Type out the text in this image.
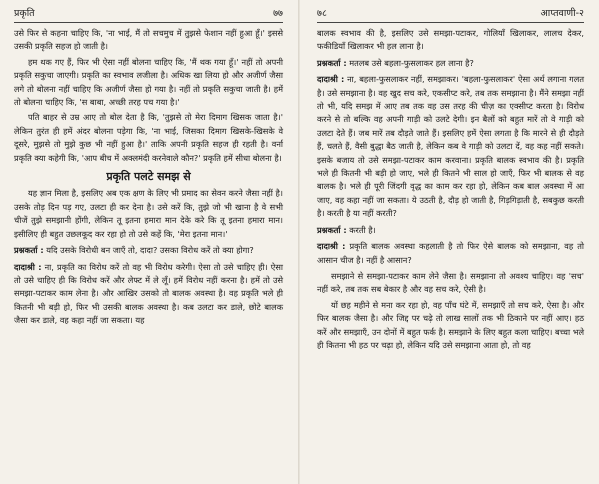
प्रकृति	७७

उसे फिर से कहना चाहिए कि, 'ना भाई, मैं तो सचमुच में तुझसे फेशान नहीं हुआ हूँ।' इससे उसकी प्रकृति सहज हो जाती है।

हम थक गए हैं, फिर भी ऐसा नहीं बोलना चाहिए कि, 'मैं थक गया हूँ।' नहीं तो अपनी प्रकृति सकुचा जाएगी। प्रकृति का स्वभाव लजीला है। अधिक खा लिया हो और अजीर्ण जैसा लगे तो बोलना नहीं चाहिए कि अजीर्ण जैसा हो गया है। नहीं तो प्रकृति सकुचा जाती है। हमें तो बोलना चाहिए कि, 'स बाबा, अच्छी तरह पच गया है।'

पति बाहर से उम्र आए तो बोल देता है कि, 'तुझसे तो मेरा दिमाग खिसक जाता है।' लेकिन तुरंत ही हमें अंदर बोलना पड़ेगा कि, 'ना भाई, जिसका दिमाग खिसके-खिसके वे दूसरे, मुझसे तो मुझे कुछ भी नहीं हुआ है।' ताकि अपनी प्रकृति सहज ही रहती है। वर्ना प्रकृति क्या कहेगी कि, 'आप बीच में अक्लमंदी करनेवाले कौन?' प्रकृति हमें सीधा बोलना है।

प्रकृति पलटे समझ से

यह ज्ञान मिला है, इसलिए अब एक क्षण के लिए भी प्रमाद का सेवन करने जैसा नहीं है। उसके तोड़ दिन पड़ गए, उलटा ही कर देना है। उसे करें कि, तुझे जो भी खाना है वे सभी चीजें तुझे समझानी होंगी, लेकिन तू इतना हमारा मान देके करे कि तू इतना हमारा मान। इसीलिए ही बहुत उछलकूद कर रहा हो तो उसे कहें कि, 'मेरा इतना मान।'

प्रश्नकर्ता : यदि उसके विरोधी बन जाएँ तो, दादा? उसका विरोध करें तो क्या होगा?

दादाश्री : ना, प्रकृति का विरोध करें तो वह भी विरोध करेगी। ऐसा तो उसे चाहिए ही। ऐसा तो उसे चाहिए ही कि विरोध करें और लेफ्ट में ले लूँ। हमें विरोध नहीं करना है। हमें तो उसे समझा-पटाकर काम लेना है। और आखिर उसको तो बालक अवस्था है। वह प्रकृति भले ही कितनी भी बड़ी हो, फिर भी उसकी बालक अवस्था है। कब उलटा कर डाले, छोटे बालक जैसा कर डाले, वह कहा नहीं जा सकता। यह

७८	आप्तवाणी-२

बालक स्वभाव की है, इसलिए उसे समझा-पटाकर, गोलियाँ खिलाकर, लालच देकर, फकीडियाँ खिलाकर भी हल लाना है।

प्रश्नकर्ता : मतलब उसे बहला-फुसलाकर हल लाना है?

दादाश्री : ना, बहला-फुसलाकर नहीं, समझाकर। 'बहला-फुसलाकर' ऐसा अर्थ लगाना गलत है। उसे समझाना है। वह खुद सच करे, एकसीप्ट करे, तब तक समझाना है। मैंने समझा नहीं तो भी, यदि समझ में आए तब तक वह उस तरह की चीज़ का एक्सीप्ट करता है। विरोध करने से तो बल्कि वह अपनी गाड़ी को उलटे देगी। इन बैलों को बहुत मारें तो वे गाड़ी को उलटा देते हैं। जब मारें तब दौड़ते जाते हैं। इसलिए हमें ऐसा लगता है कि मारने से ही दौड़ते हैं, चलते हैं, वैसी बुद्धा बैठ जाती है, लेकिन कब वे गाड़ी को उलटा दें, वह कह नहीं सकते। इसके बजाय तो उसे समझा-पटाकर काम करवाना। प्रकृति बालक स्वभाव की है। प्रकृति भले ही कितनी भी बड़ी हो जाए, भले ही कितने भी साल हो जाएँ, फिर भी बालक से वह बालक है। भले ही पूरी जिंदगी वृद्ध का काम कर रहा हो, लेकिन कब बाल अवस्था में आ जाए, वह कहा नहीं जा सकता। ये उठती है, दौड़ हो जाती है, गिड़गिड़ाती है, सबकुछ करती है। करती है या नहीं करती?

प्रश्नकर्ता : करती है।

दादाश्री : प्रकृति बालक अवस्था कहलाती है तो फिर ऐसे बालक को समझाना, वह तो आसान चीज है। नहीं है आसान?

समझाने से समझा-पटाकर काम लेने जैसा है। समझाना तो अवश्य चाहिए। वह 'सच' नहीं करे, तब तक सब बेकार है और वह सच करे, ऐसी है।

यों छह महीने से मना कर रहा हो, वह पाँच घंटे में, समझाएँ तो सच करे, ऐसा है। और फिर बालक जैसा है। और जिद्द पर चढ़े तो लाख सालों तक भी ठिकाने पर नहीं आए। हठ करें और समझाएँ, उन दोनों में बहुत फर्क है। समझाने के लिए बहुत कला चाहिए। बच्चा भले ही कितना भी हठ पर चढ़ा हो, लेकिन यदि उसे समझाना आता हो, तो वह
